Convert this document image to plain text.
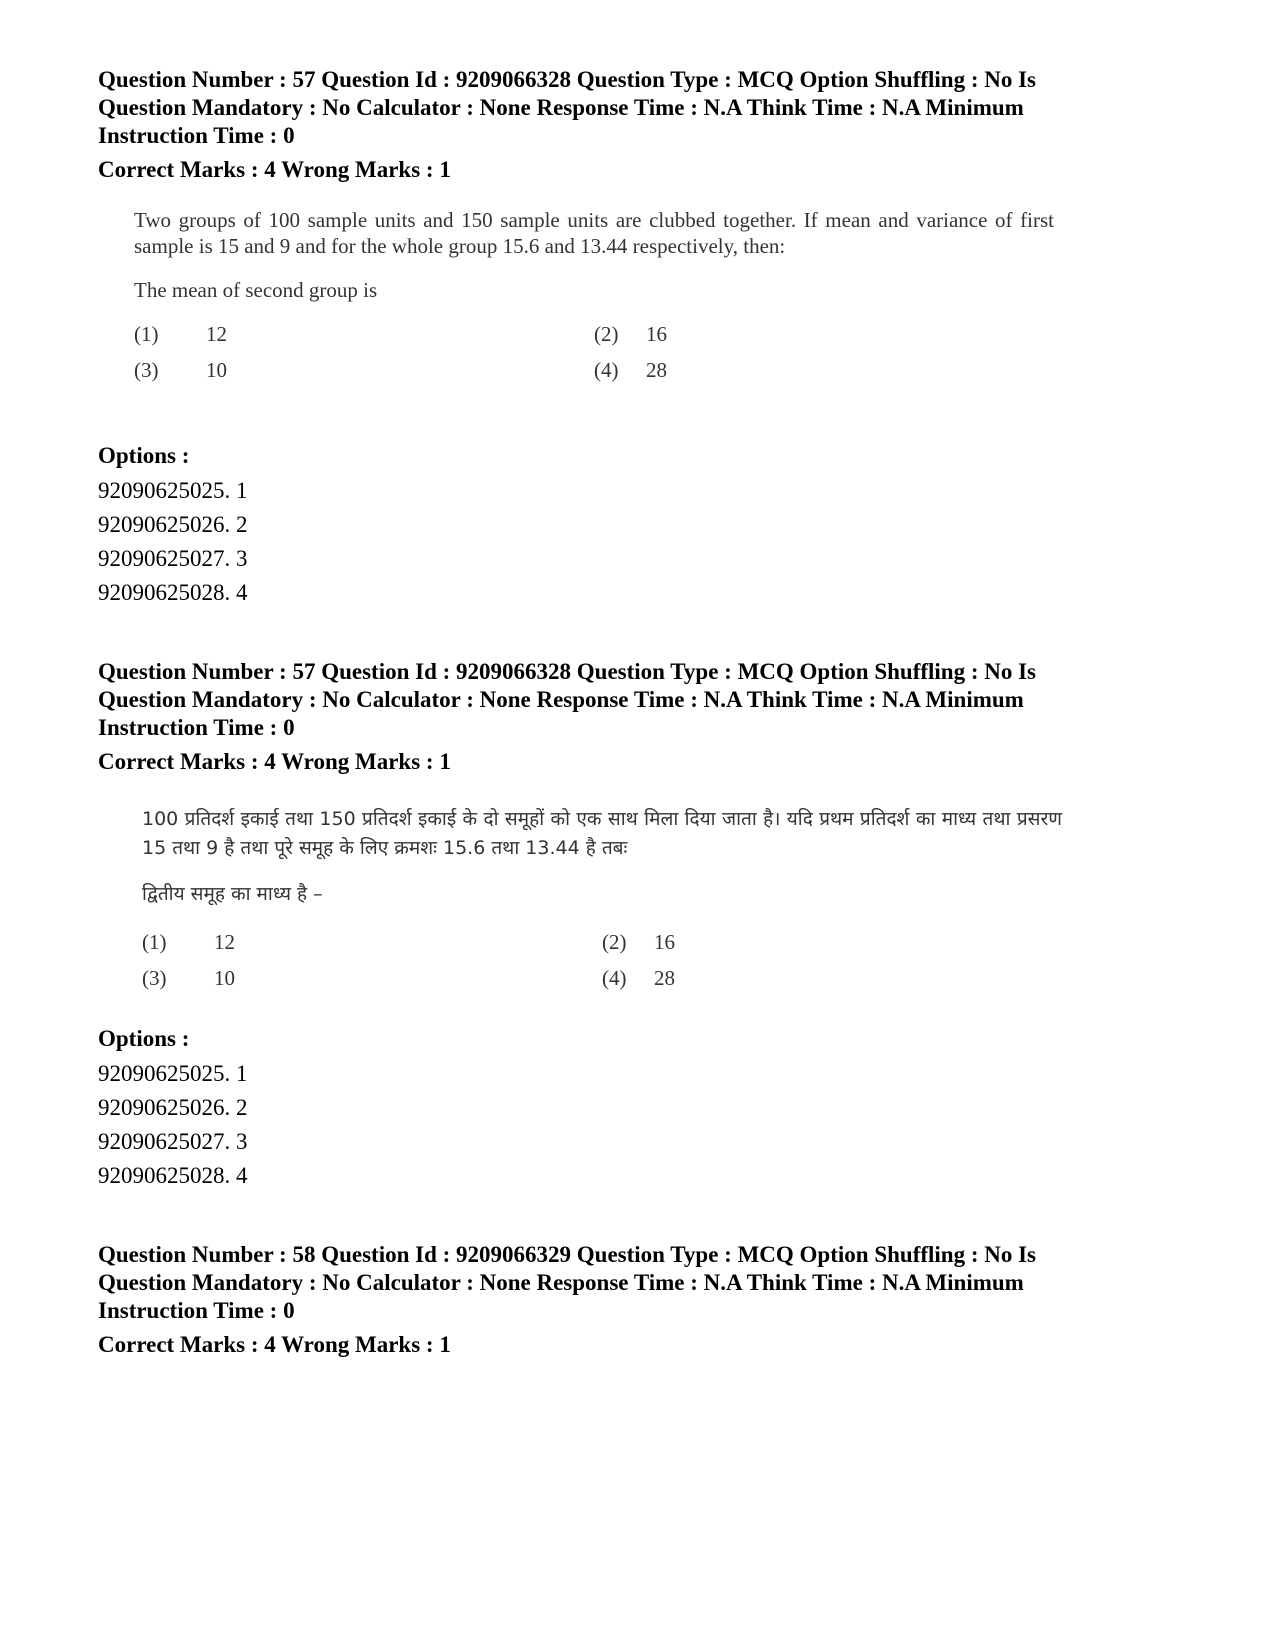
Question Number : 57 Question Id : 9209066328 Question Type : MCQ Option Shuffling : No Is

Question Mandatory : No Calculator : None Response Time : N.A Think Time : N.A Minimum

Instruction Time : 0

Correct Marks : 4 Wrong Marks : 1

Two groups of 100 sample units and 150 sample units are clubbed together. If mean and variance of first sample is 15 and 9 and for the whole group 15.6 and 13.44 respectively, then:

The mean of second group is

(1)	12	(2)	16
(3)	10	(4)	28

Options :

92090625025. 1

92090625026. 2

92090625027. 3

92090625028. 4

Question Number : 57 Question Id : 9209066328 Question Type : MCQ Option Shuffling : No Is

Question Mandatory : No Calculator : None Response Time : N.A Think Time : N.A Minimum

Instruction Time : 0

Correct Marks : 4 Wrong Marks : 1

100 प्रतिदर्श इकाई तथा 150 प्रतिदर्श इकाई के दो समूहों को एक साथ मिला दिया जाता है। यदि प्रथम प्रतिदर्श का माध्य तथा प्रसरण 15 तथा 9 है तथा पूरे समूह के लिए क्रमशः 15.6 तथा 13.44 है तबः

द्वितीय समूह का माध्य है –

(1)	12	(2)	16
(3)	10	(4)	28

Options :

92090625025. 1

92090625026. 2

92090625027. 3

92090625028. 4

Question Number : 58 Question Id : 9209066329 Question Type : MCQ Option Shuffling : No Is

Question Mandatory : No Calculator : None Response Time : N.A Think Time : N.A Minimum

Instruction Time : 0

Correct Marks : 4 Wrong Marks : 1
